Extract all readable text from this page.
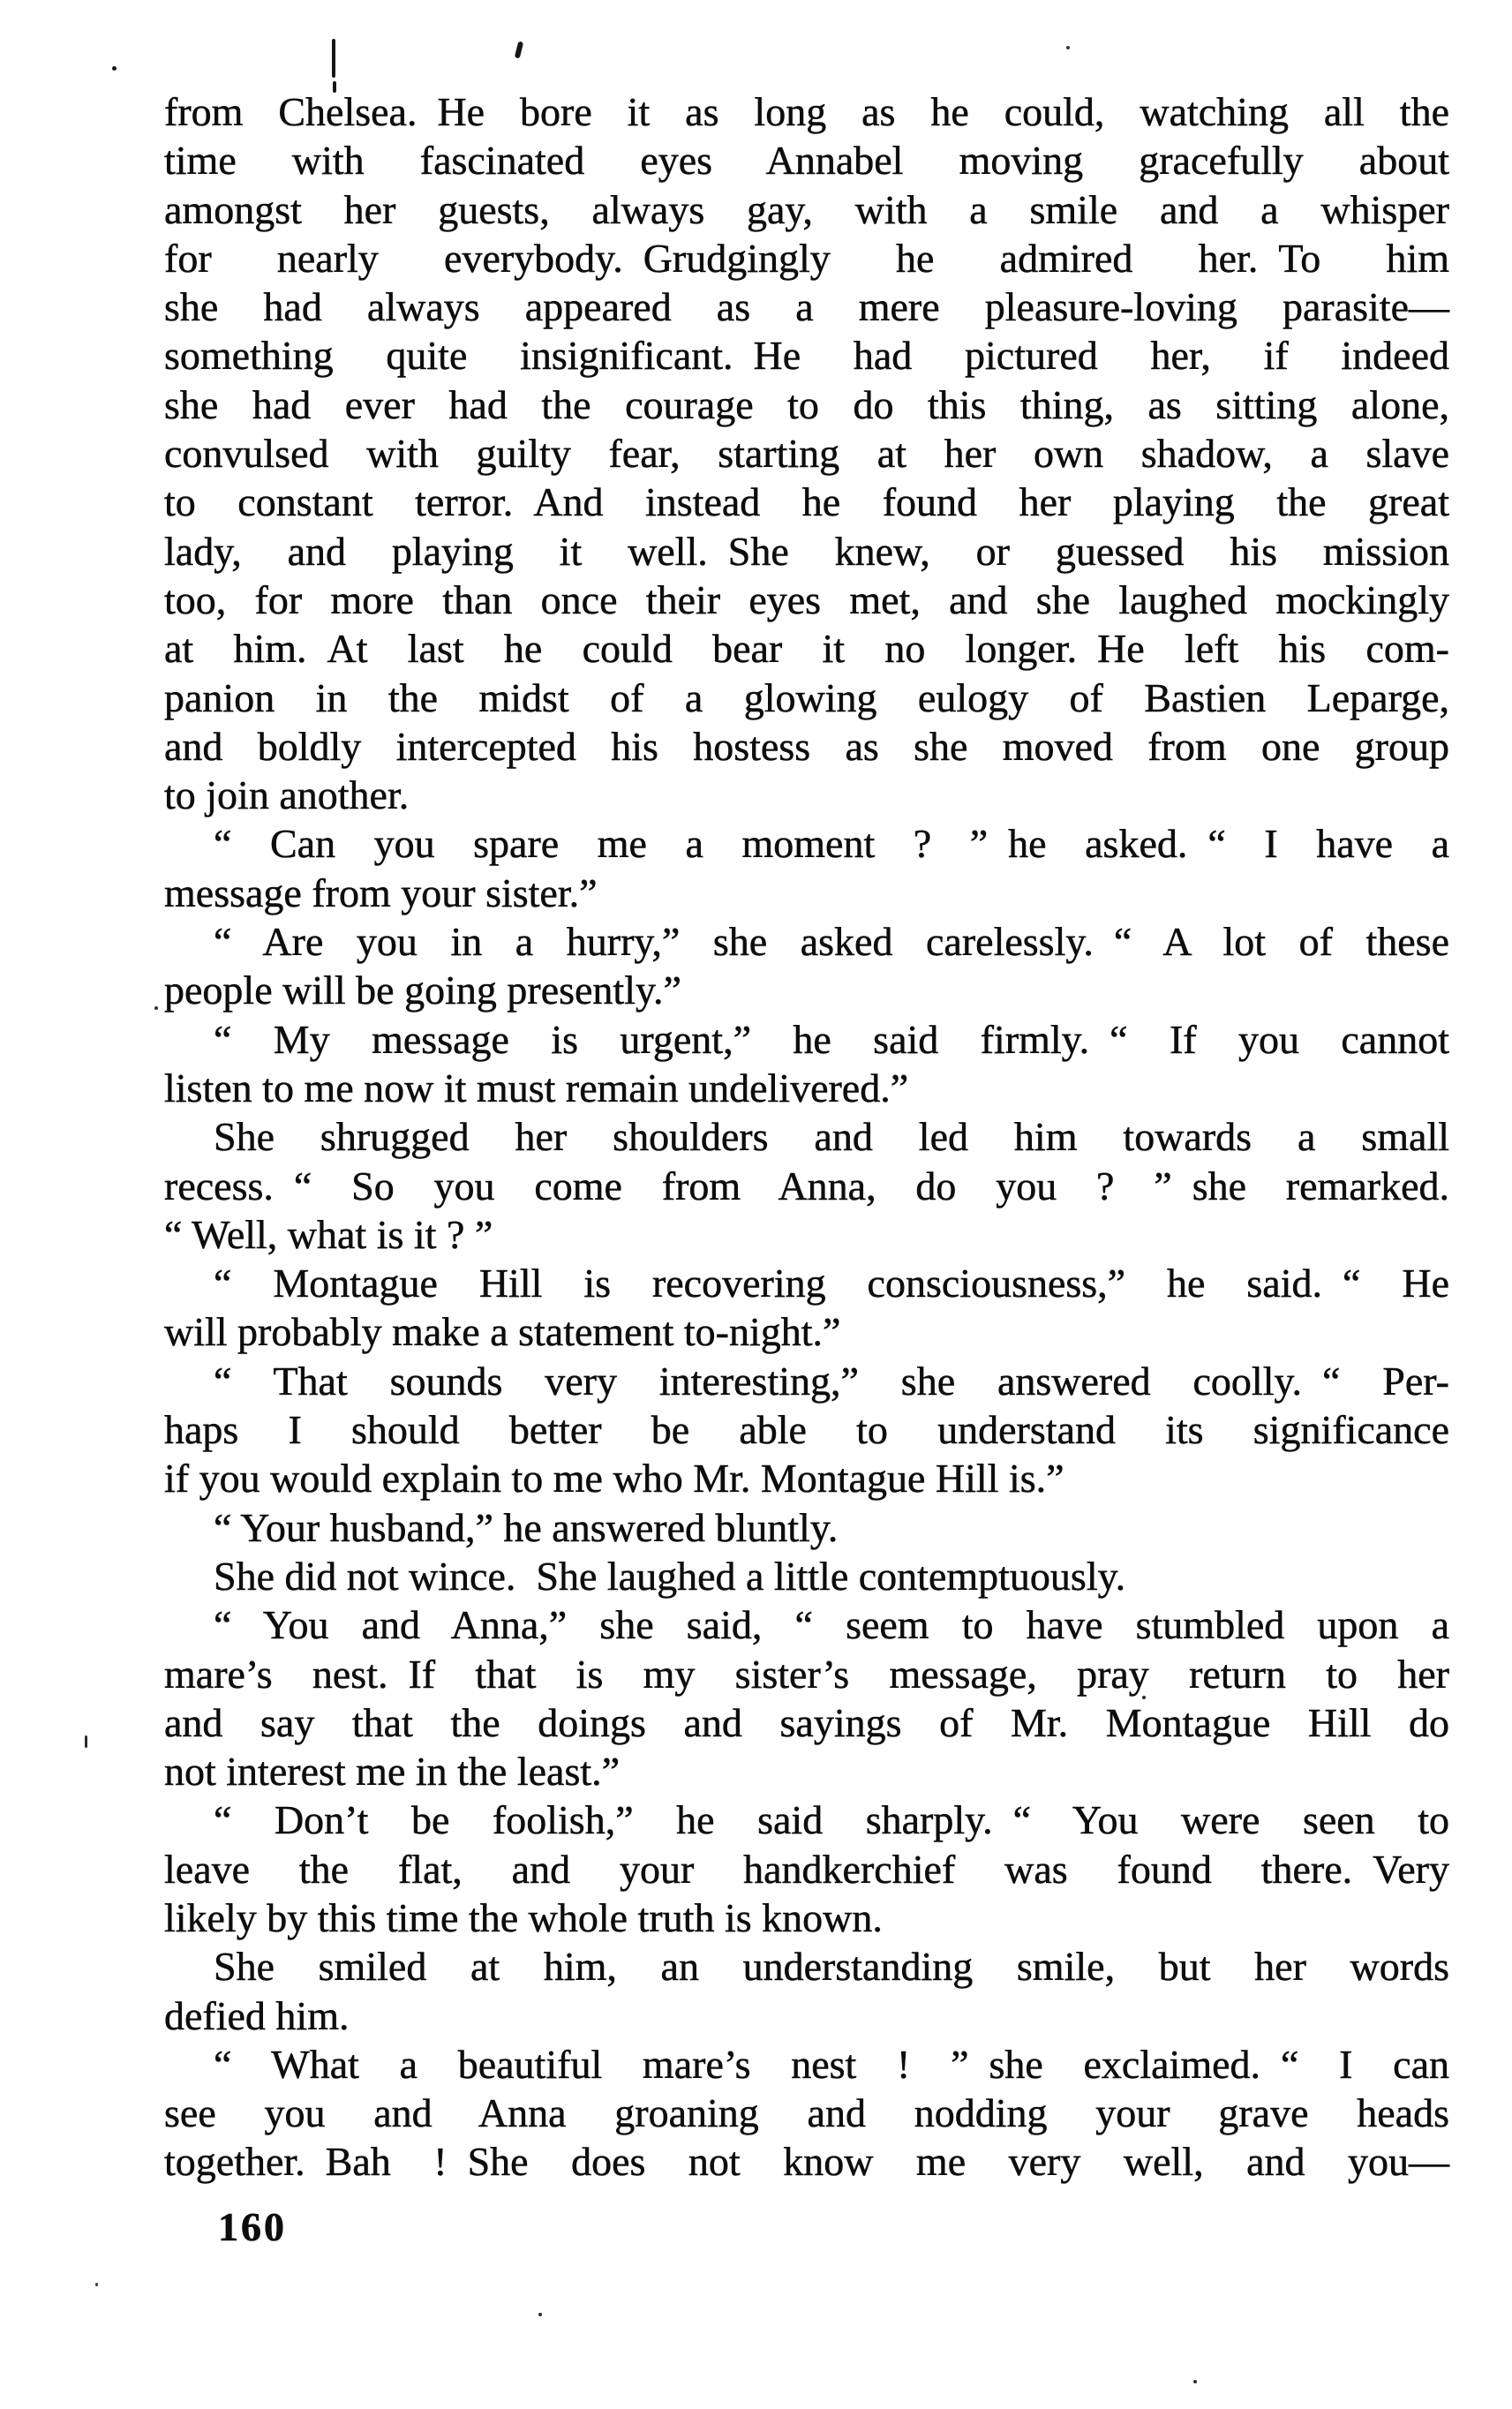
from Chelsea. He bore it as long as he could, watching all the
time with fascinated eyes Annabel moving gracefully about
amongst her guests, always gay, with a smile and a whisper
for nearly everybody. Grudgingly he admired her. To him
she had always appeared as a mere pleasure-loving parasite—
something quite insignificant. He had pictured her, if indeed
she had ever had the courage to do this thing, as sitting alone,
convulsed with guilty fear, starting at her own shadow, a slave
to constant terror. And instead he found her playing the great
lady, and playing it well. She knew, or guessed his mission
too, for more than once their eyes met, and she laughed mockingly
at him. At last he could bear it no longer. He left his com-
panion in the midst of a glowing eulogy of Bastien Leparge,
and boldly intercepted his hostess as she moved from one group
to join another.
“ Can you spare me a moment ? ” he asked. “ I have a
message from your sister.”
“ Are you in a hurry,” she asked carelessly. “ A lot of these
people will be going presently.”
“ My message is urgent,” he said firmly. “ If you cannot
listen to me now it must remain undelivered.”
She shrugged her shoulders and led him towards a small
recess. “ So you come from Anna, do you ? ” she remarked.
“ Well, what is it ? ”
“ Montague Hill is recovering consciousness,” he said. “ He
will probably make a statement to-night.”
“ That sounds very interesting,” she answered coolly. “ Per-
haps I should better be able to understand its significance
if you would explain to me who Mr. Montague Hill is.”
“ Your husband,” he answered bluntly.
She did not wince. She laughed a little contemptuously.
“ You and Anna,” she said, “ seem to have stumbled upon a
mare’s nest. If that is my sister’s message, pray return to her
and say that the doings and sayings of Mr. Montague Hill do
not interest me in the least.”
“ Don’t be foolish,” he said sharply. “ You were seen to
leave the flat, and your handkerchief was found there. Very
likely by this time the whole truth is known.
She smiled at him, an understanding smile, but her words
defied him.
“ What a beautiful mare’s nest ! ” she exclaimed. “ I can
see you and Anna groaning and nodding your grave heads
together. Bah ! She does not know me very well, and you—
160
